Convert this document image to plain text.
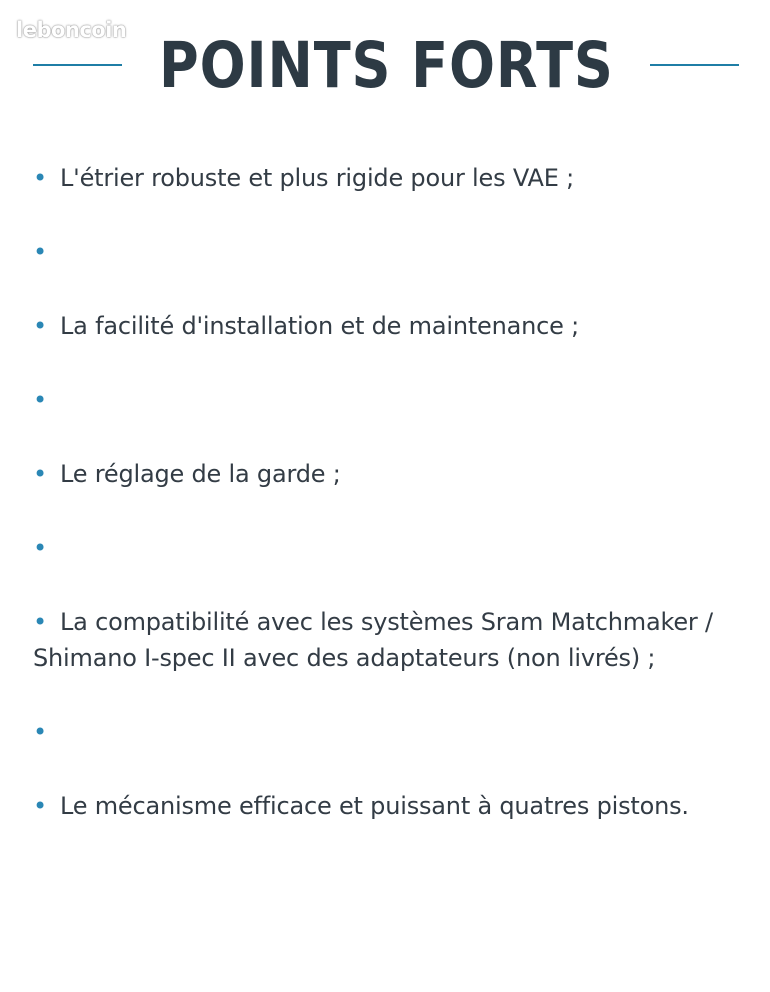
leboncoin POINTS FORTS
• L'étrier robuste et plus rigide pour les VAE ;
•
• La facilité d'installation et de maintenance ;
•
• Le réglage de la garde ;
•
• La compatibilité avec les systèmes Sram Matchmaker / Shimano I-spec II avec des adaptateurs (non livrés) ;
•
• Le mécanisme efficace et puissant à quatres pistons.
